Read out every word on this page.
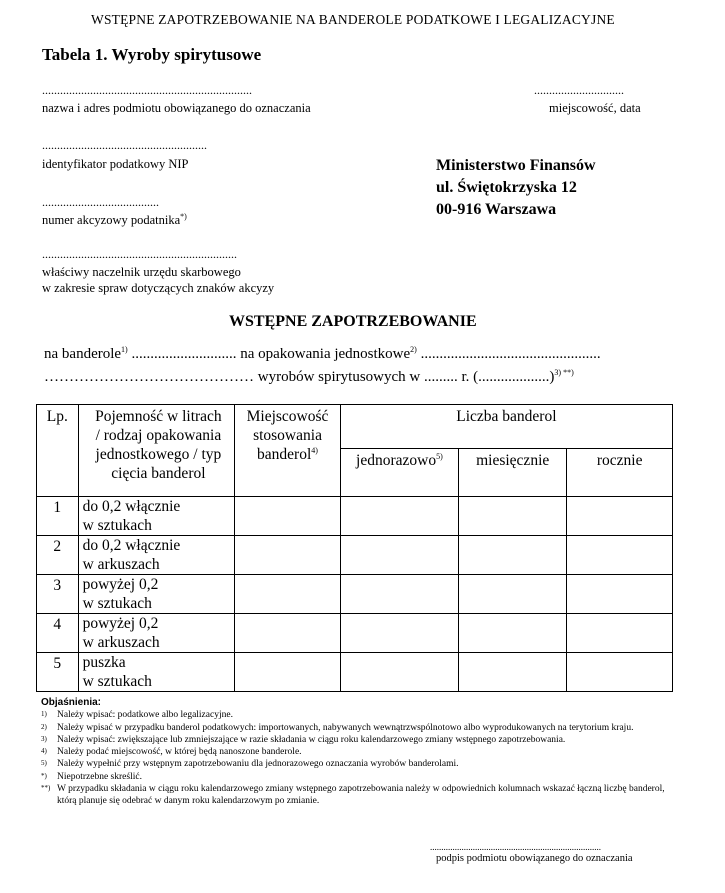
WSTĘPNE ZAPOTRZEBOWANIE NA BANDEROLE PODATKOWE I LEGALIZACYJNE
Tabela 1. Wyroby spirytusowe
......................................................................
nazwa i adres podmiotu obowiązanego do oznaczania
..............................
miejscowość, data
.......................................................
identyfikator podatkowy NIP
.......................................
numer akcyzowy podatnika*)
.................................................................
właściwy naczelnik urzędu skarbowego
w zakresie spraw dotyczących znaków akcyzy
Ministerstwo Finansów
ul. Świętokrzyska 12
00-916 Warszawa
WSTĘPNE ZAPOTRZEBOWANIE
na banderole$^{1)}$ ............................ na opakowania jednostkowe$^{2)}$ ................................................
…………………………………… wyrobów spirytusowych w ......... r. (...................)$^{3) **)}$
Lp.	Pojemność w litrach
/ rodzaj opakowania
jednostkowego / typ
cięcia banderol	Miejscowość
stosowania
banderol$^{4)}$	Liczba banderol		

			jednorazowo$^{5)}$	miesięcznie	rocznie

1	do 0,2 włącznie
w sztukach				

2	do 0,2 włącznie
w arkuszach				

3	powyżej 0,2
w sztukach				

4	powyżej 0,2
w arkuszach				

5	puszka
w sztukach				

Objaśnienia:
1) Należy wpisać: podatkowe albo legalizacyjne.
2) Należy wpisać w przypadku banderol podatkowych: importowanych, nabywanych wewnątrzwspólnotowo albo wyprodukowanych na terytorium kraju.
3) Należy wpisać: zwiększające lub zmniejszające w razie składania w ciągu roku kalendarzowego zmiany wstępnego zapotrzebowania.
4) Należy podać miejscowość, w której będą nanoszone banderole.
5) Należy wypełnić przy wstępnym zapotrzebowaniu dla jednorazowego oznaczania wyrobów banderolami.
*) Niepotrzebne skreślić.
**) W przypadku składania w ciągu roku kalendarzowego zmiany wstępnego zapotrzebowania należy w odpowiednich kolumnach wskazać łączną liczbę banderol, którą planuje się odebrać w danym roku kalendarzowym po zmianie.
............................................................................
podpis podmiotu obowiązanego do oznaczania
